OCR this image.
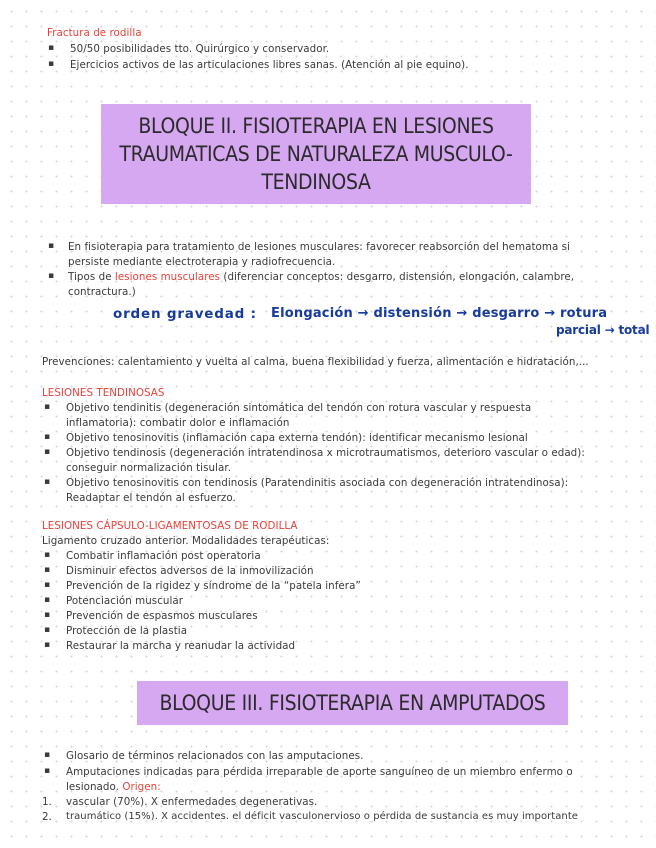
Fractura de rodilla
▪ 50/50 posibilidades tto. Quirúrgico y conservador.
▪ Ejercicios activos de las articulaciones libres sanas. (Atención al pie equino).
BLOQUE II. FISIOTERAPIA EN LESIONES
TRAUMATICAS DE NATURALEZA MUSCULO-
TENDINOSA
▪ En fisioterapia para tratamiento de lesiones musculares: favorecer reabsorción del hematoma si
persiste mediante electroterapia y radiofrecuencia.
▪ Tipos de lesiones musculares (diferenciar conceptos: desgarro, distensión, elongación, calambre,
contractura.)
orden gravedad : Elongación → distensión → desgarro → rotura
parcial → total
Prevenciones: calentamiento y vuelta al calma, buena flexibilidad y fuerza, alimentación e hidratación,...
LESIONES TENDINOSAS
▪ Objetivo tendinitis (degeneración sintomática del tendón con rotura vascular y respuesta
inflamatoria): combatir dolor e inflamación
▪ Objetivo tenosinovitis (inflamación capa externa tendón): identificar mecanismo lesional
▪ Objetivo tendinosis (degeneración intratendinosa x microtraumatismos, deterioro vascular o edad):
conseguir normalización tisular.
▪ Objetivo tenosinovitis con tendinosis (Paratendinitis asociada con degeneración intratendinosa):
Readaptar el tendón al esfuerzo.
LESIONES CÁPSULO-LIGAMENTOSAS DE RODILLA
Ligamento cruzado anterior. Modalidades terapéuticas:
▪ Combatir inflamación post operatoria
▪ Disminuir efectos adversos de la inmovilización
▪ Prevención de la rigidez y síndrome de la “patela infera”
▪ Potenciación muscular
▪ Prevención de espasmos musculares
▪ Protección de la plastia
▪ Restaurar la marcha y reanudar la actividad
BLOQUE III. FISIOTERAPIA EN AMPUTADOS
▪ Glosario de términos relacionados con las amputaciones.
▪ Amputaciones indicadas para pérdida irreparable de aporte sanguíneo de un miembro enfermo o
lesionado. Origen:
1. vascular (70%). X enfermedades degenerativas.
2. traumático (15%). X accidentes. el déficit vasculonervioso o pérdida de sustancia es muy importante
